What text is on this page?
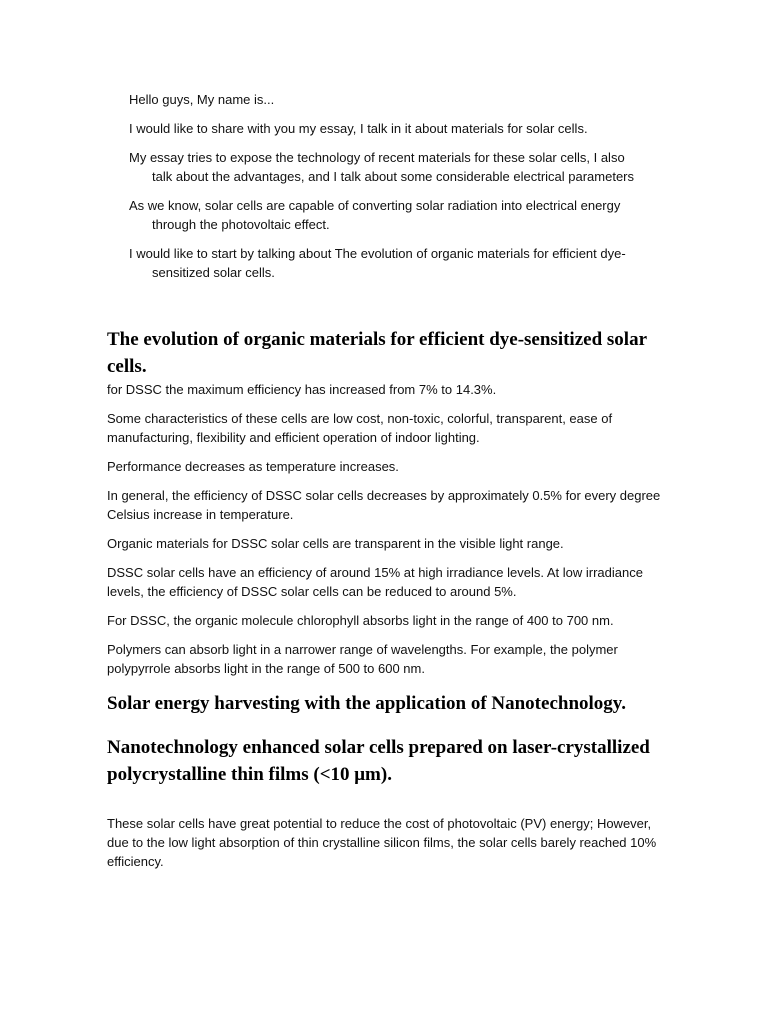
Hello guys, My name is...

I would like to share with you my essay, I talk in it about materials for solar cells.

My essay tries to expose the technology of recent materials for these solar cells, I also talk about the advantages, and I talk about some considerable electrical parameters

As we know, solar cells are capable of converting solar radiation into electrical energy through the photovoltaic effect.

I would like to start by talking about The evolution of organic materials for efficient dye-sensitized solar cells.

The evolution of organic materials for efficient dye-sensitized solar cells.

for DSSC the maximum efficiency has increased from 7% to 14.3%.

Some characteristics of these cells are low cost, non-toxic, colorful, transparent, ease of manufacturing, flexibility and efficient operation of indoor lighting.

Performance decreases as temperature increases.

In general, the efficiency of DSSC solar cells decreases by approximately 0.5% for every degree Celsius increase in temperature.

Organic materials for DSSC solar cells are transparent in the visible light range.

DSSC solar cells have an efficiency of around 15% at high irradiance levels. At low irradiance levels, the efficiency of DSSC solar cells can be reduced to around 5%.

For DSSC, the organic molecule chlorophyll absorbs light in the range of 400 to 700 nm.

Polymers can absorb light in a narrower range of wavelengths. For example, the polymer polypyrrole absorbs light in the range of 500 to 600 nm.

Solar energy harvesting with the application of Nanotechnology.
Nanotechnology enhanced solar cells prepared on laser-crystallized polycrystalline thin films (<10 μm).

These solar cells have great potential to reduce the cost of photovoltaic (PV) energy; However, due to the low light absorption of thin crystalline silicon films, the solar cells barely reached 10% efficiency.
